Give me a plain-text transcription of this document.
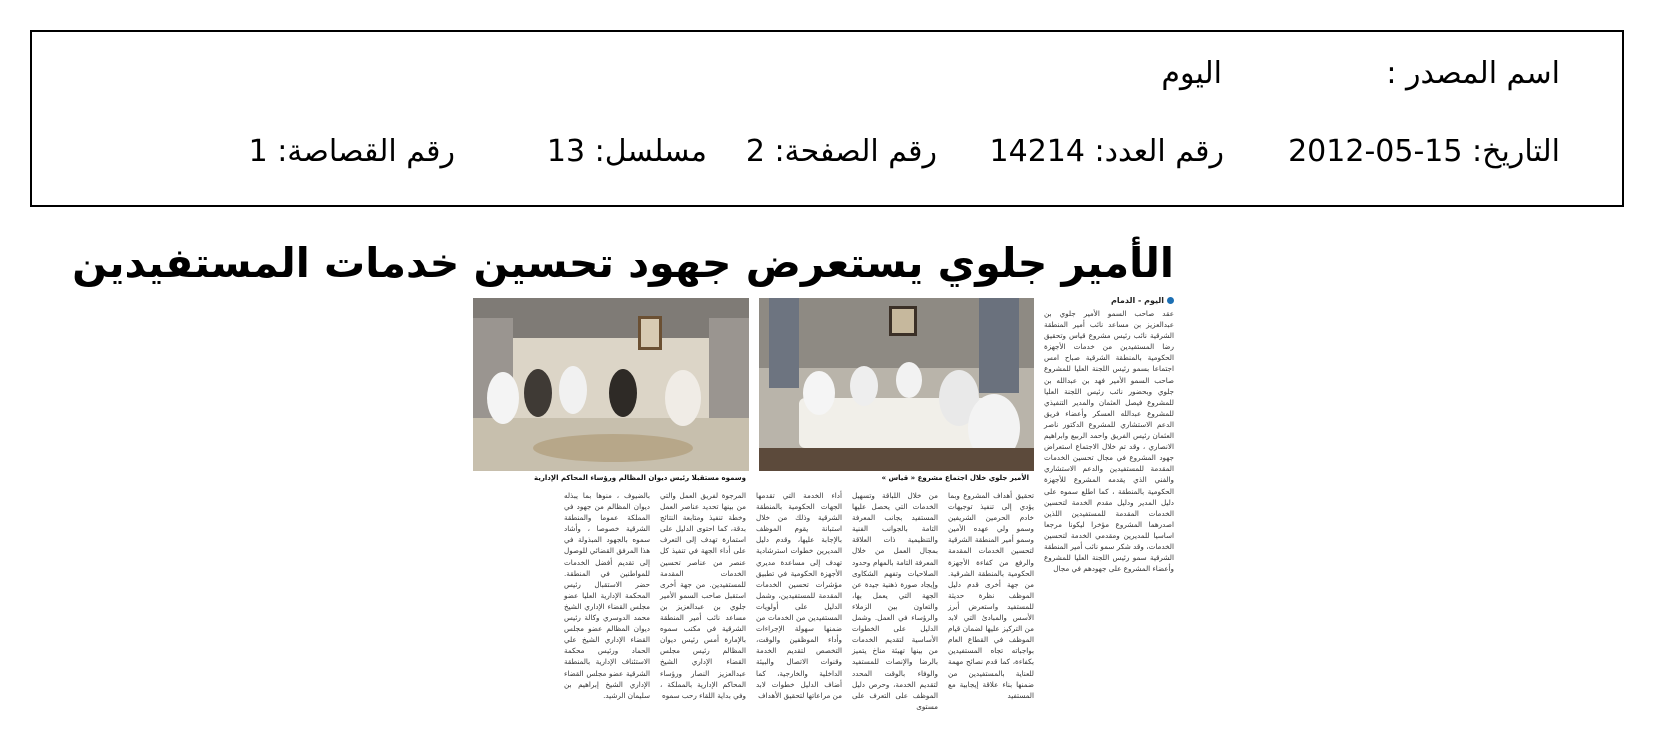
اسم المصدر :
اليوم
التاريخ: 15-05-2012
رقم العدد: 14214
رقم الصفحة: 2
مسلسل: 13
رقم القصاصة: 1
الأمير جلوي يستعرض جهود تحسين خدمات المستفيدين
اليوم - الدمام
عقد صاحب السمو الأمير جلوي بن عبدالعزيز بن مساعد نائب أمير المنطقة الشرقية نائب رئيس مشروع قياس وتحقيق رضا المستفيدين من خدمات الأجهزة الحكومية بالمنطقة الشرقية صباح امس اجتماعا بسمو رئيس اللجنة العليا للمشروع صاحب السمو الأمير فهد بن عبدالله بن جلوي وبحضور نائب رئيس اللجنة العليا للمشروع فيصل العثمان والمدير التنفيذي للمشروع عبدالله العسكر وأعضاء فريق الدعم الاستشاري للمشروع الدكتور ناصر العثمان رئيس الفريق واحمد الربيع وابراهيم الانصاري ، وقد تم خلال الاجتماع استعراض جهود المشروع في مجال تحسين الخدمات المقدمة للمستفيدين والدعم الاستشاري والفني الذي يقدمه المشروع للأجهزة الحكومية بالمنطقة ، كما اطلع سموه على دليل المدير ودليل مقدم الخدمة لتحسين الخدمات المقدمة للمستفيدين اللذين اصدرهما المشروع مؤخرا ليكونا مرجعا اساسيا للمديرين ومقدمي الخدمة لتحسين الخدمات، وقد شكر سمو نائب أمير المنطقة الشرقية سمو رئيس اللجنة العليا للمشروع وأعضاء المشروع على جهودهم في مجال
الأمير جلوي خلال اجتماع مشروع « قياس »
وسموه مستقبلا رئيس ديوان المظالم ورؤساء المحاكم الإدارية
تحقيق أهداف المشروع وبما يؤدي إلى تنفيذ توجيهات خادم الحرمين الشريفين وسمو ولي عهده الأمين وسمو أمير المنطقة الشرقية لتحسين الخدمات المقدمة والرفع من كفاءة الأجهزة الحكومية بالمنطقة الشرقية. من جهة أخرى قدم دليل الموظف نظرة حديثة للمستفيد واستعرض أبرز الأسس والمبادئ التي لابد من التركيز عليها لضمان قيام الموظف في القطاع العام بواجباته تجاه المستفيدين بكفاءة، كما قدم نصائح مهمة للعناية بالمستفيدين من ضمنها بناء علاقة إيجابية مع المستفيد
من خلال اللباقة وتسهيل الخدمات التي يحصل عليها المستفيد بجانب المعرفة التامة بالجوانب الفنية والتنظيمية ذات العلاقة بمجال العمل من خلال المعرفة التامة بالمهام وحدود الصلاحيات وتفهم الشكاوى وإيجاد صورة ذهنية جيدة عن الجهة التي يعمل بها، والتعاون بين الزملاء والرؤساء في العمل. وشمل الدليل على الخطوات الأساسية لتقديم الخدمات من بينها تهيئة مناخ يتميز بالرضا والإنصات للمستفيد والوفاء بالوقت المحدد لتقديم الخدمة، وحرص دليل الموظف على التعرف على مستوى
أداء الخدمة التي تقدمها الجهات الحكومية بالمنطقة الشرقية وذلك من خلال استبانة يقوم الموظف بالإجابة عليها، وقدم دليل المديرين خطوات استرشادية تهدف إلى مساعدة مديري الأجهزة الحكومية في تطبيق مؤشرات تحسين الخدمات المقدمة للمستفيدين، وشمل الدليل على أولويات المستفيدين من الخدمات من ضمنها سهولة الإجراءات وأداء الموظفين والوقت، التخصص لتقديم الخدمة وقنوات الاتصال والبيئة الداخلية والخارجية، كما أضاف الدليل خطوات لابد من مراعاتها لتحقيق الأهداف
المرجوة لفريق العمل والتي من بينها تحديد عناصر العمل وخطة تنفيذ ومتابعة النتائج بدقة، كما احتوى الدليل على استمارة تهدف إلى التعرف على أداء الجهة في تنفيذ كل عنصر من عناصر تحسين الخدمات المقدمة للمستفيدين. من جهة أخرى استقبل صاحب السمو الأمير جلوي بن عبدالعزيز بن مساعد نائب أمير المنطقة الشرقية في مكتب سموه بالإمارة أمس رئيس ديوان المظالم رئيس مجلس القضاء الإداري الشيخ عبدالعزيز النصار ورؤساء المحاكم الإدارية بالمملكة ، وفي بداية اللقاء رحب سموه
بالضيوف ، منوها بما يبذله ديوان المظالم من جهود في المملكة عموما والمنطقة الشرقية خصوصا ، وأشاد سموه بالجهود المبذولة في هذا المرفق القضائي للوصول إلى تقديم أفضل الخدمات للمواطنين في المنطقة. حضر الاستقبال رئيس المحكمة الإدارية العليا عضو مجلس القضاء الإداري الشيخ محمد الدوسري وكالة رئيس ديوان المظالم عضو مجلس القضاء الإداري الشيخ علي الحماد ورئيس محكمة الاستئناف الإدارية بالمنطقة الشرقية عضو مجلس القضاء الإداري الشيخ إبراهيم بن سليمان الرشيد.
